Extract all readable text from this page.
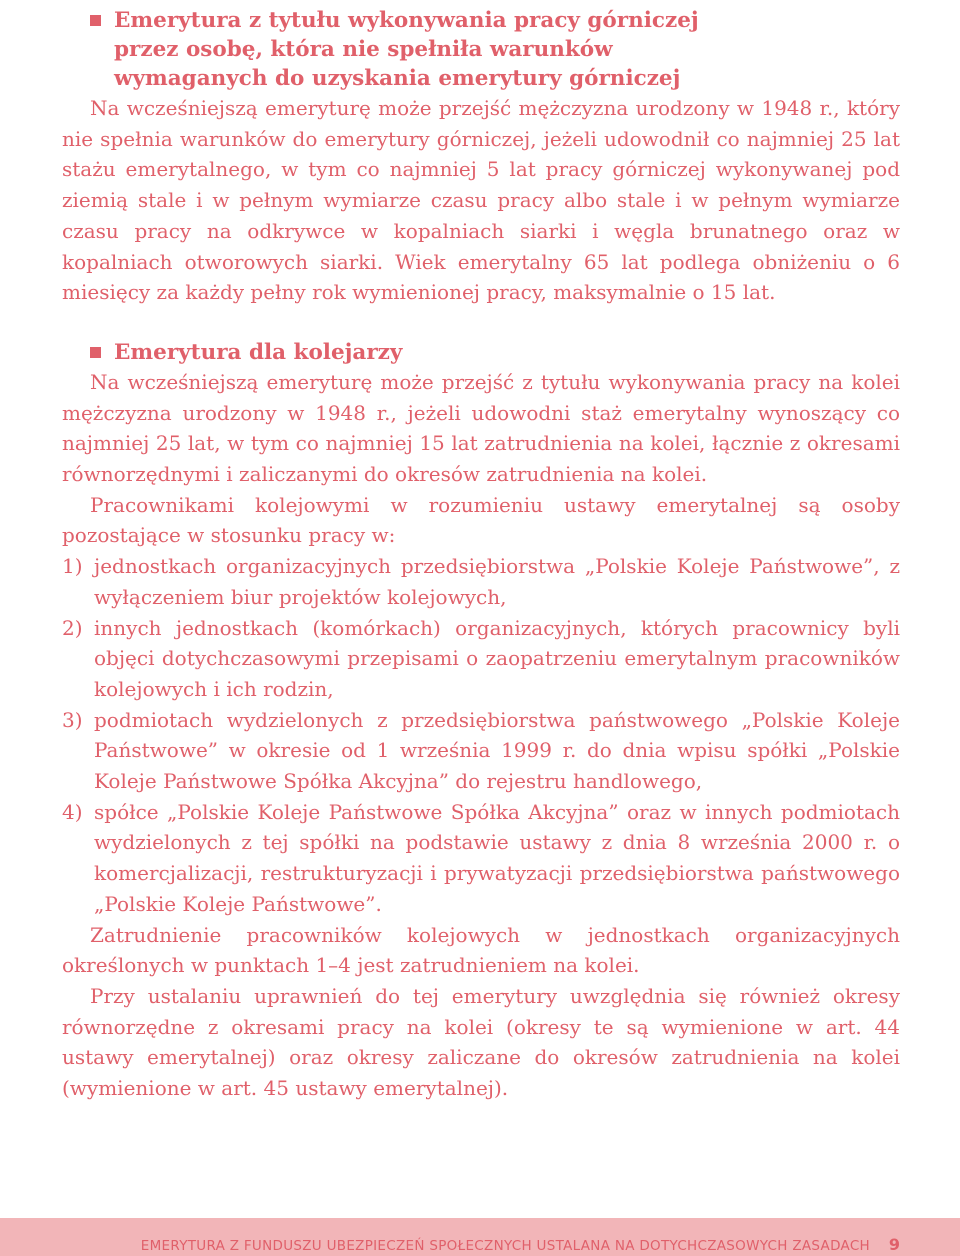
Emerytura z tytułu wykonywania pracy górniczej
przez osobę, która nie spełniła warunków
wymaganych do uzyskania emerytury górniczej

Na wcześniejszą emeryturę może przejść mężczyzna urodzony w 1948 r., który nie spełnia warunków do emerytury górniczej, jeżeli udowodnił co najmniej 25 lat stażu emerytalnego, w tym co najmniej 5 lat pracy górniczej wykonywanej pod ziemią stale i w pełnym wymiarze czasu pracy albo stale i w pełnym wymiarze czasu pracy na odkrywce w kopalniach siarki i węgla brunatnego oraz w kopalniach otworowych siarki. Wiek emerytalny 65 lat podlega obniżeniu o 6 miesięcy za każdy pełny rok wymienionej pracy, maksymalnie o 15 lat.

Emerytura dla kolejarzy

Na wcześniejszą emeryturę może przejść z tytułu wykonywania pracy na kolei mężczyzna urodzony w 1948 r., jeżeli udowodni staż emerytalny wynoszący co najmniej 25 lat, w tym co najmniej 15 lat zatrudnienia na kolei, łącznie z okresami równorzędnymi i zaliczanymi do okresów zatrudnienia na kolei.

Pracownikami kolejowymi w rozumieniu ustawy emerytalnej są osoby pozostające w stosunku pracy w:

1) jednostkach organizacyjnych przedsiębiorstwa „Polskie Koleje Państwowe”, z wyłączeniem biur projektów kolejowych,
2) innych jednostkach (komórkach) organizacyjnych, których pracownicy byli objęci dotychczasowymi przepisami o zaopatrzeniu emerytalnym pracowników kolejowych i ich rodzin,
3) podmiotach wydzielonych z przedsiębiorstwa państwowego „Polskie Koleje Państwowe” w okresie od 1 września 1999 r. do dnia wpisu spółki „Polskie Koleje Państwowe Spółka Akcyjna” do rejestru handlowego,
4) spółce „Polskie Koleje Państwowe Spółka Akcyjna” oraz w innych podmiotach wydzielonych z tej spółki na podstawie ustawy z dnia 8 września 2000 r. o komercjalizacji, restrukturyzacji i prywatyzacji przedsiębiorstwa państwowego „Polskie Koleje Państwowe”.

Zatrudnienie pracowników kolejowych w jednostkach organizacyjnych określonych w punktach 1–4 jest zatrudnieniem na kolei.

Przy ustalaniu uprawnień do tej emerytury uwzględnia się również okresy równorzędne z okresami pracy na kolei (okresy te są wymienione w art. 44 ustawy emerytalnej) oraz okresy zaliczane do okresów zatrudnienia na kolei (wymienione w art. 45 ustawy emerytalnej).

EMERYTURA Z FUNDUSZU UBEZPIECZEŃ SPOŁECZNYCH USTALANA NA DOTYCHCZASOWYCH ZASADACH 9
